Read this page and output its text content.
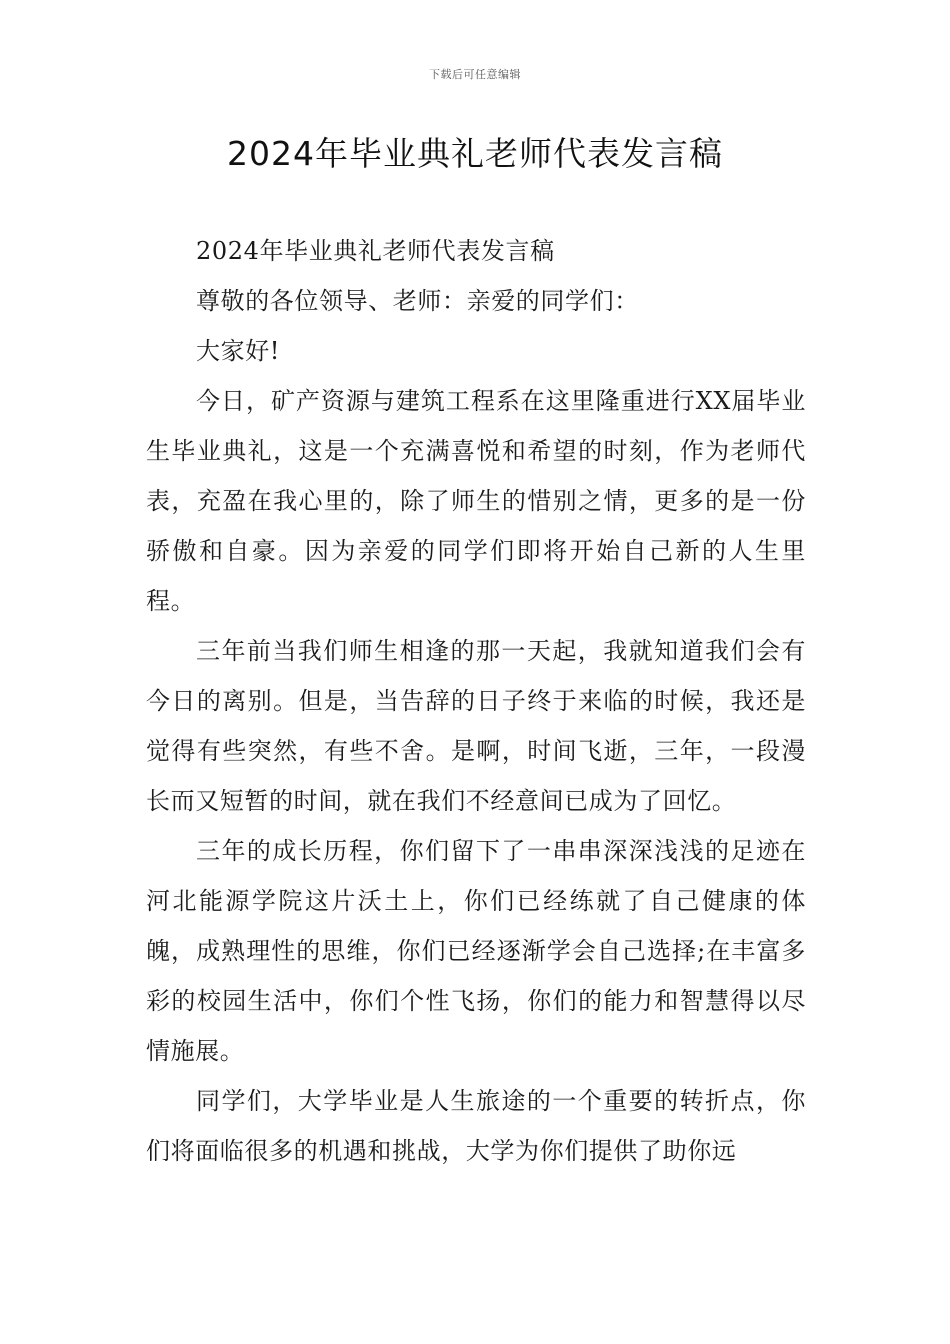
下载后可任意编辑
2024年毕业典礼老师代表发言稿

2024年毕业典礼老师代表发言稿

尊敬的各位领导、老师：亲爱的同学们：

大家好!

今日，矿产资源与建筑工程系在这里隆重进行XX届毕业生毕业典礼，这是一个充满喜悦和希望的时刻，作为老师代表，充盈在我心里的，除了师生的惜别之情，更多的是一份骄傲和自豪。因为亲爱的同学们即将开始自己新的人生里程。

三年前当我们师生相逢的那一天起，我就知道我们会有今日的离别。但是，当告辞的日子终于来临的时候，我还是觉得有些突然，有些不舍。是啊，时间飞逝，三年，一段漫长而又短暂的时间，就在我们不经意间已成为了回忆。

三年的成长历程，你们留下了一串串深深浅浅的足迹在河北能源学院这片沃土上，你们已经练就了自己健康的体魄，成熟理性的思维，你们已经逐渐学会自己选择;在丰富多彩的校园生活中，你们个性飞扬，你们的能力和智慧得以尽情施展。

同学们，大学毕业是人生旅途的一个重要的转折点，你们将面临很多的机遇和挑战，大学为你们提供了助你远
